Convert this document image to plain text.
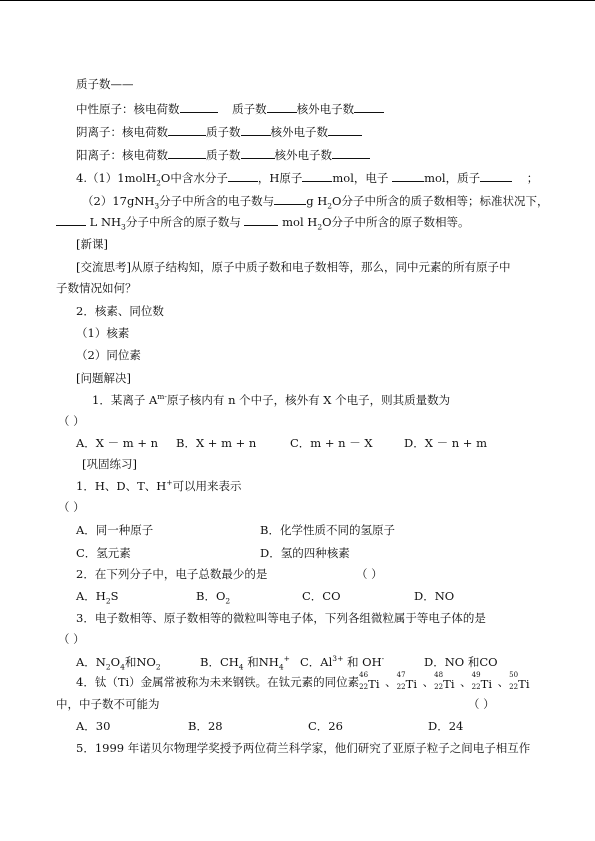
质子数——
中性原子：核电荷数	质子数	核外电子数
阴离子：核电荷数	质子数	核外电子数
阳离子：核电荷数	质子数	核外电子数
4.（1）1molH$_2$O中含水分子	，H原子	mol，电子	mol，质子	；
（2）17gNH$_3$分子中所含的电子数与	g $H_2O$分子中所含的质子数相等；标准状况下，
L $NH_3$分子中所含的原子数与	mol $H_2O$分子中所含的原子数相等。
[新课]
[交流思考]从原子结构知，原子中质子数和电子数相等，那么，同中元素的所有原子中
子数情况如何？
2．核素、同位数
（1）核素
（2）同位素
[问题解决]
1．某离子 $A^{m-}$原子核内有 n 个中子，核外有 X 个电子，则其质量数为
（ ）
A．X － m + n B．X + m + n	C．m + n － X	D．X － n + m
[巩固练习]
1．H、D、T、H+可以用来表示
（ ）
A．同一种原子	B．化学性质不同的氢原子
C．氢元素	D．氢的四种核素
2．在下列分子中，电子总数最少的是	（ ）
A．$H_2S$	B．$O_2$	C．CO	D．NO
3．电子数相等、原子数相等的微粒叫等电子体，下列各组微粒属于等电子体的是
（ ）
A．$N_2O_4$和$NO_2$	B．$CH_4$ 和$NH_4^+$ C．$Al^{3+}$ 和 OH-	D．NO 和CO
4．钛（Ti）金属常被称为未来钢铁。在钛元素的同位素 46
22 Ti 、 47
22 Ti 、 48
22 Ti 、 49
22 Ti 、 50
22 Ti
中，中子数不可能为	（ ）
A．30	B．28	C．26	D．24
5．1999 年诺贝尔物理学奖授予两位荷兰科学家，他们研究了亚原子粒子之间电子相互作
